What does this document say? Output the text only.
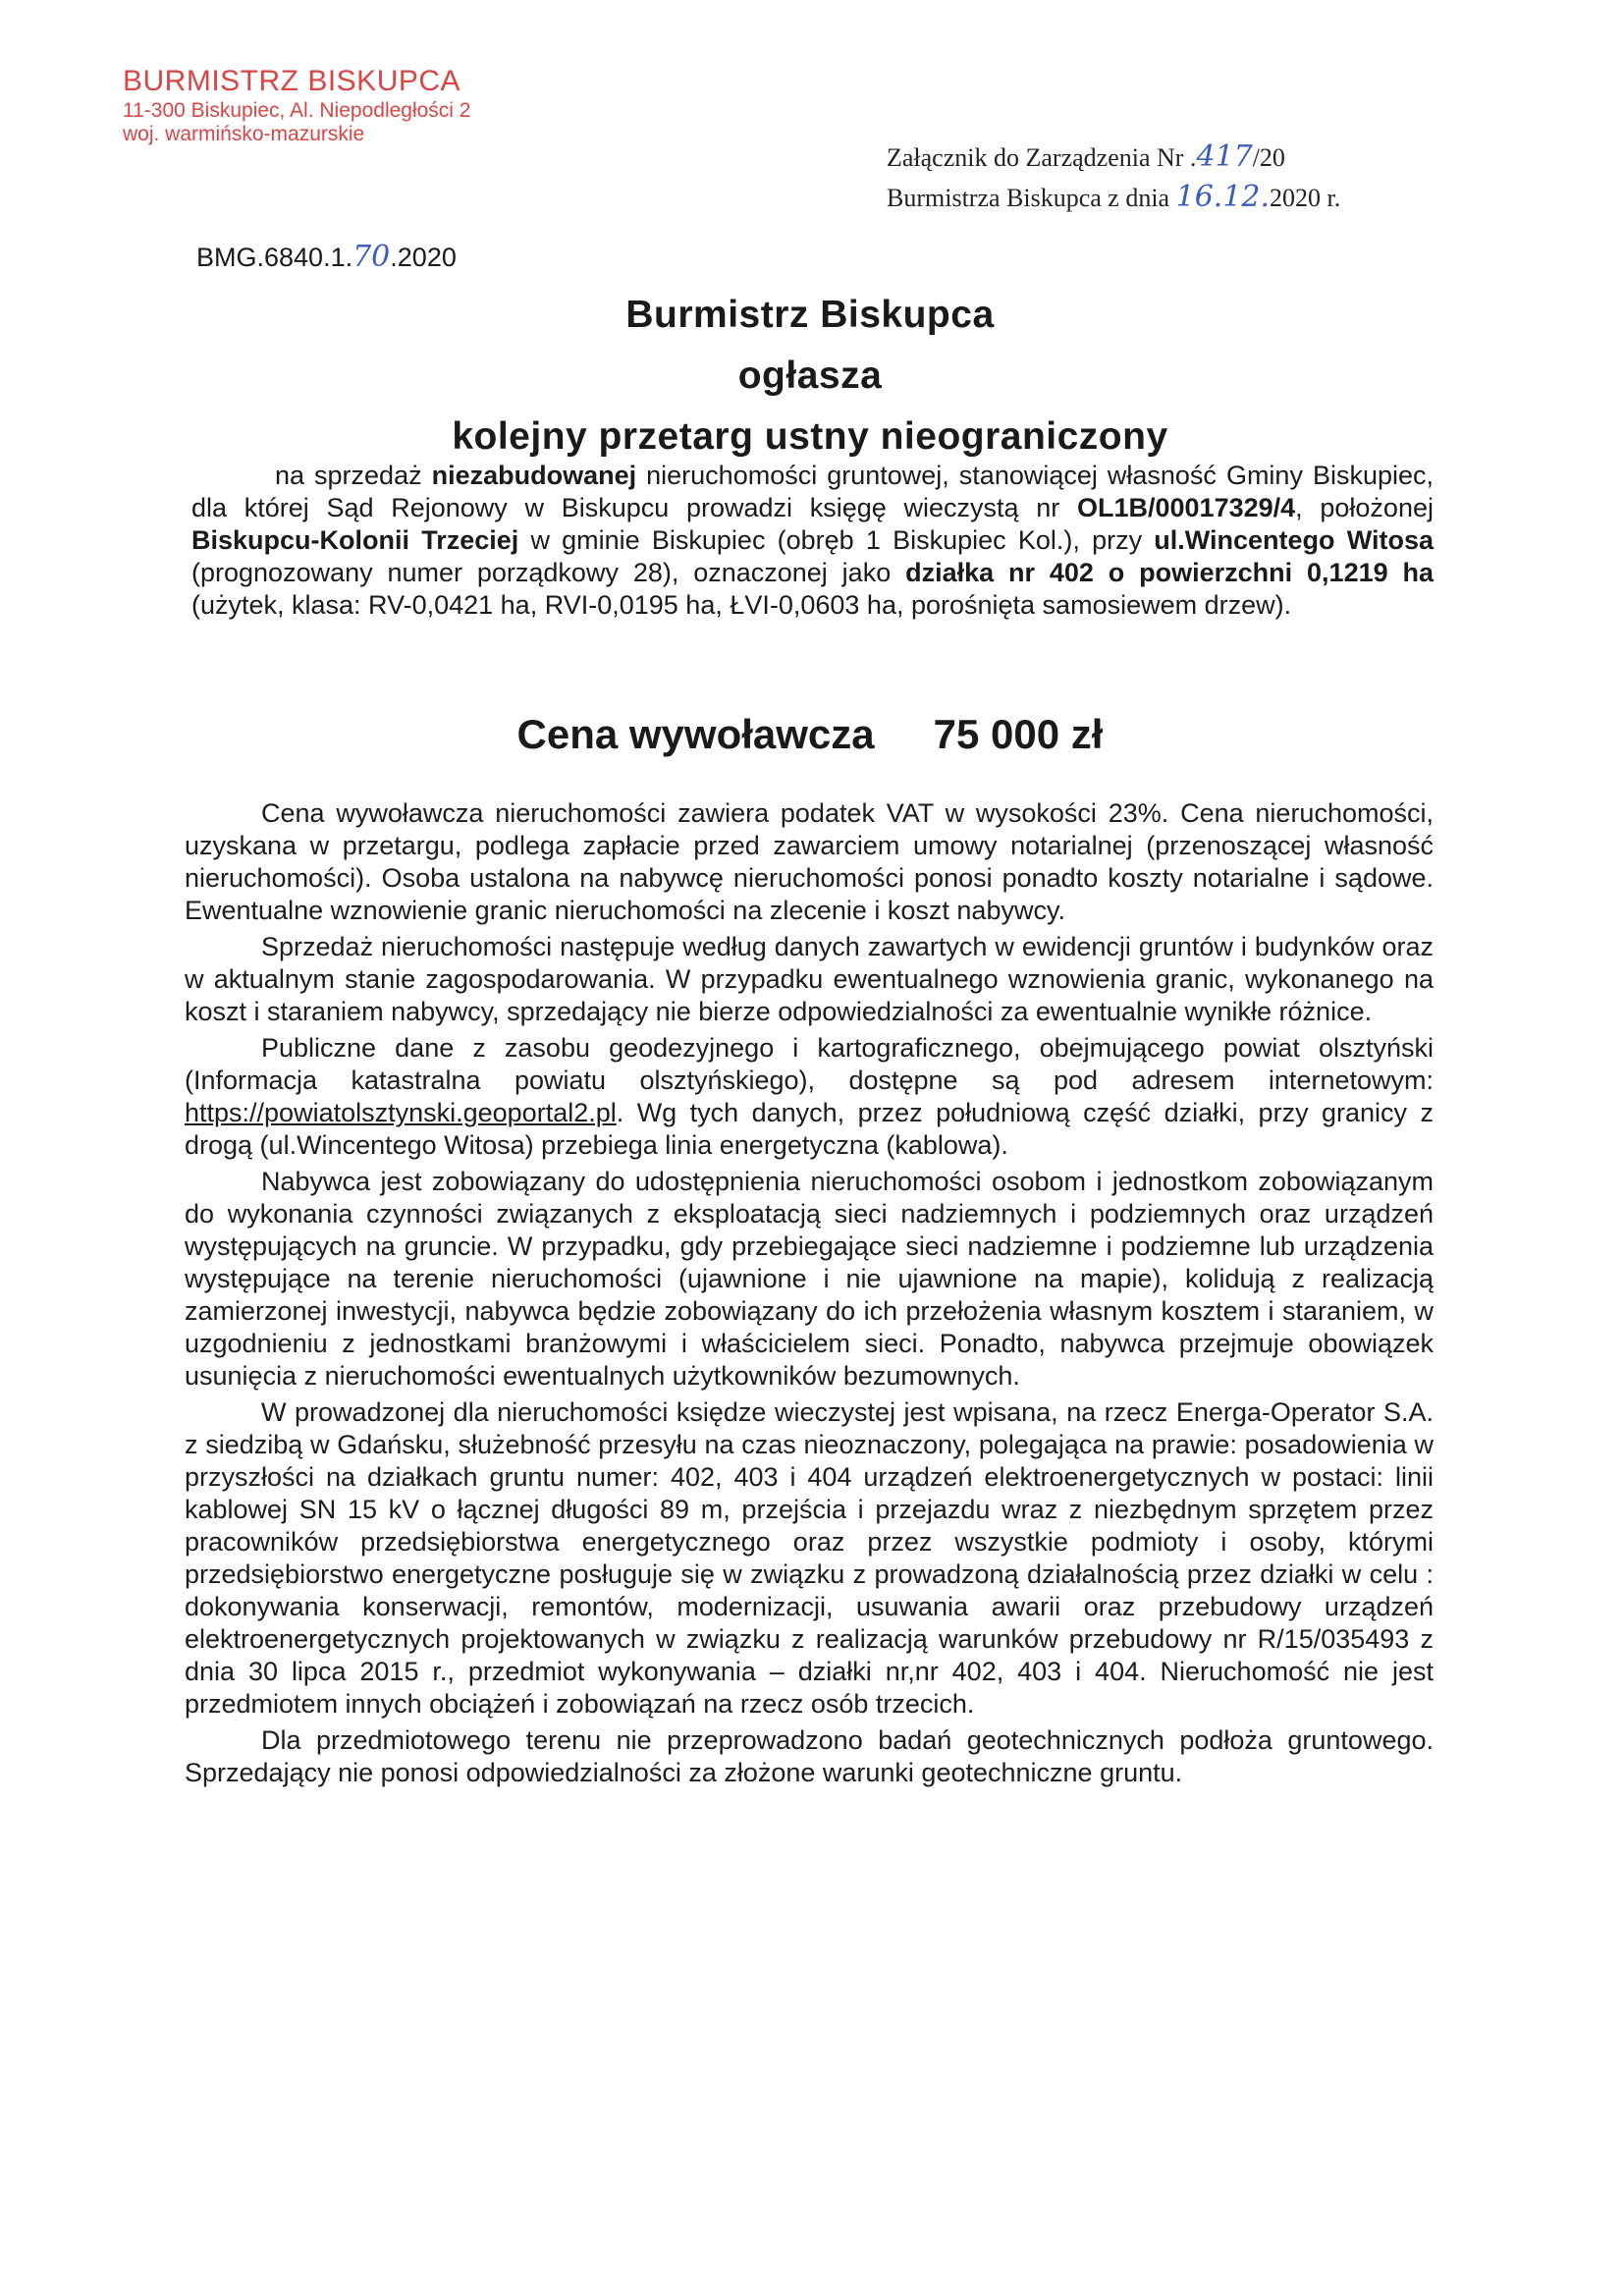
BURMISTRZ BISKUPCA
11-300 Biskupiec, Al. Niepodległości 2
woj. warmińsko-mazurskie
Załącznik do Zarządzenia Nr .417/20
Burmistrza Biskupca z dnia 16.12.2020 r.
BMG.6840.1.70.2020
Burmistrz Biskupca
ogłasza
kolejny przetarg ustny nieograniczony
na sprzedaż niezabudowanej nieruchomości gruntowej, stanowiącej własność Gminy Biskupiec, dla której Sąd Rejonowy w Biskupcu prowadzi księgę wieczystą nr OL1B/00017329/4, położonej Biskupcu-Kolonii Trzeciej w gminie Biskupiec (obręb 1 Biskupiec Kol.), przy ul.Wincentego Witosa (prognozowany numer porządkowy 28), oznaczonej jako działka nr 402 o powierzchni 0,1219 ha (użytek, klasa: RV-0,0421 ha, RVI-0,0195 ha, ŁVI-0,0603 ha, porośnięta samosiewem drzew).
Cena wywoławcza 75 000 zł

Cena wywoławcza nieruchomości zawiera podatek VAT w wysokości 23%. Cena nieruchomości, uzyskana w przetargu, podlega zapłacie przed zawarciem umowy notarialnej (przenoszącej własność nieruchomości). Osoba ustalona na nabywcę nieruchomości ponosi ponadto koszty notarialne i sądowe. Ewentualne wznowienie granic nieruchomości na zlecenie i koszt nabywcy.

Sprzedaż nieruchomości następuje według danych zawartych w ewidencji gruntów i budynków oraz w aktualnym stanie zagospodarowania. W przypadku ewentualnego wznowienia granic, wykonanego na koszt i staraniem nabywcy, sprzedający nie bierze odpowiedzialności za ewentualnie wynikłe różnice.

Publiczne dane z zasobu geodezyjnego i kartograficznego, obejmującego powiat olsztyński (Informacja katastralna powiatu olsztyńskiego), dostępne są pod adresem internetowym: https://powiatolsztynski.geoportal2.pl. Wg tych danych, przez południową część działki, przy granicy z drogą (ul.Wincentego Witosa) przebiega linia energetyczna (kablowa).

Nabywca jest zobowiązany do udostępnienia nieruchomości osobom i jednostkom zobowiązanym do wykonania czynności związanych z eksploatacją sieci nadziemnych i podziemnych oraz urządzeń występujących na gruncie. W przypadku, gdy przebiegające sieci nadziemne i podziemne lub urządzenia występujące na terenie nieruchomości (ujawnione i nie ujawnione na mapie), kolidują z realizacją zamierzonej inwestycji, nabywca będzie zobowiązany do ich przełożenia własnym kosztem i staraniem, w uzgodnieniu z jednostkami branżowymi i właścicielem sieci. Ponadto, nabywca przejmuje obowiązek usunięcia z nieruchomości ewentualnych użytkowników bezumownych.

W prowadzonej dla nieruchomości księdze wieczystej jest wpisana, na rzecz Energa-Operator S.A. z siedzibą w Gdańsku, służebność przesyłu na czas nieoznaczony, polegająca na prawie: posadowienia w przyszłości na działkach gruntu numer: 402, 403 i 404 urządzeń elektroenergetycznych w postaci: linii kablowej SN 15 kV o łącznej długości 89 m, przejścia i przejazdu wraz z niezbędnym sprzętem przez pracowników przedsiębiorstwa energetycznego oraz przez wszystkie podmioty i osoby, którymi przedsiębiorstwo energetyczne posługuje się w związku z prowadzoną działalnością przez działki w celu : dokonywania konserwacji, remontów, modernizacji, usuwania awarii oraz przebudowy urządzeń elektroenergetycznych projektowanych w związku z realizacją warunków przebudowy nr R/15/035493 z dnia 30 lipca 2015 r., przedmiot wykonywania – działki nr,nr 402, 403 i 404. Nieruchomość nie jest przedmiotem innych obciążeń i zobowiązań na rzecz osób trzecich.

Dla przedmiotowego terenu nie przeprowadzono badań geotechnicznych podłoża gruntowego. Sprzedający nie ponosi odpowiedzialności za złożone warunki geotechniczne gruntu.
